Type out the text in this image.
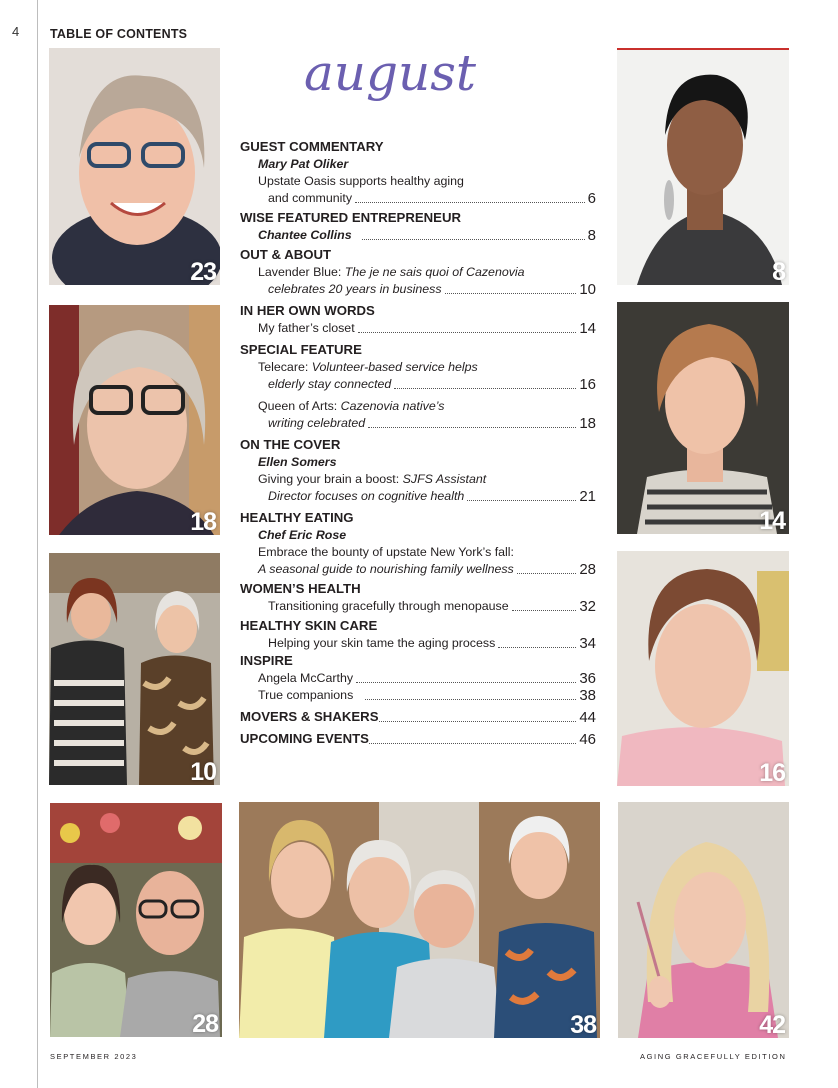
4 TABLE OF CONTENTS
august
23	8
18	14
10	16
28	38	42
GUEST COMMENTARY
Mary Pat Oliker
Upstate Oasis supports healthy aging
and community	6
WISE FEATURED ENTREPRENEUR
Chantee Collins	8
OUT & ABOUT
Lavender Blue: The je ne sais quoi of Cazenovia
celebrates 20 years in business	10
IN HER OWN WORDS
My father’s closet	14
SPECIAL FEATURE
Telecare: Volunteer-based service helps
elderly stay connected	16
Queen of Arts: Cazenovia native’s
writing celebrated	18
ON THE COVER
Ellen Somers
Giving your brain a boost: SJFS Assistant
Director focuses on cognitive health	21
HEALTHY EATING
Chef Eric Rose
Embrace the bounty of upstate New York’s fall:
A seasonal guide to nourishing family wellness	28
WOMEN’S HEALTH
Transitioning gracefully through menopause	32
HEALTHY SKIN CARE
Helping your skin tame the aging process	34
INSPIRE
Angela McCarthy	36
True companions	38
MOVERS & SHAKERS	44
UPCOMING EVENTS	46
SEPTEMBER 2023	AGING GRACEFULLY EDITION
